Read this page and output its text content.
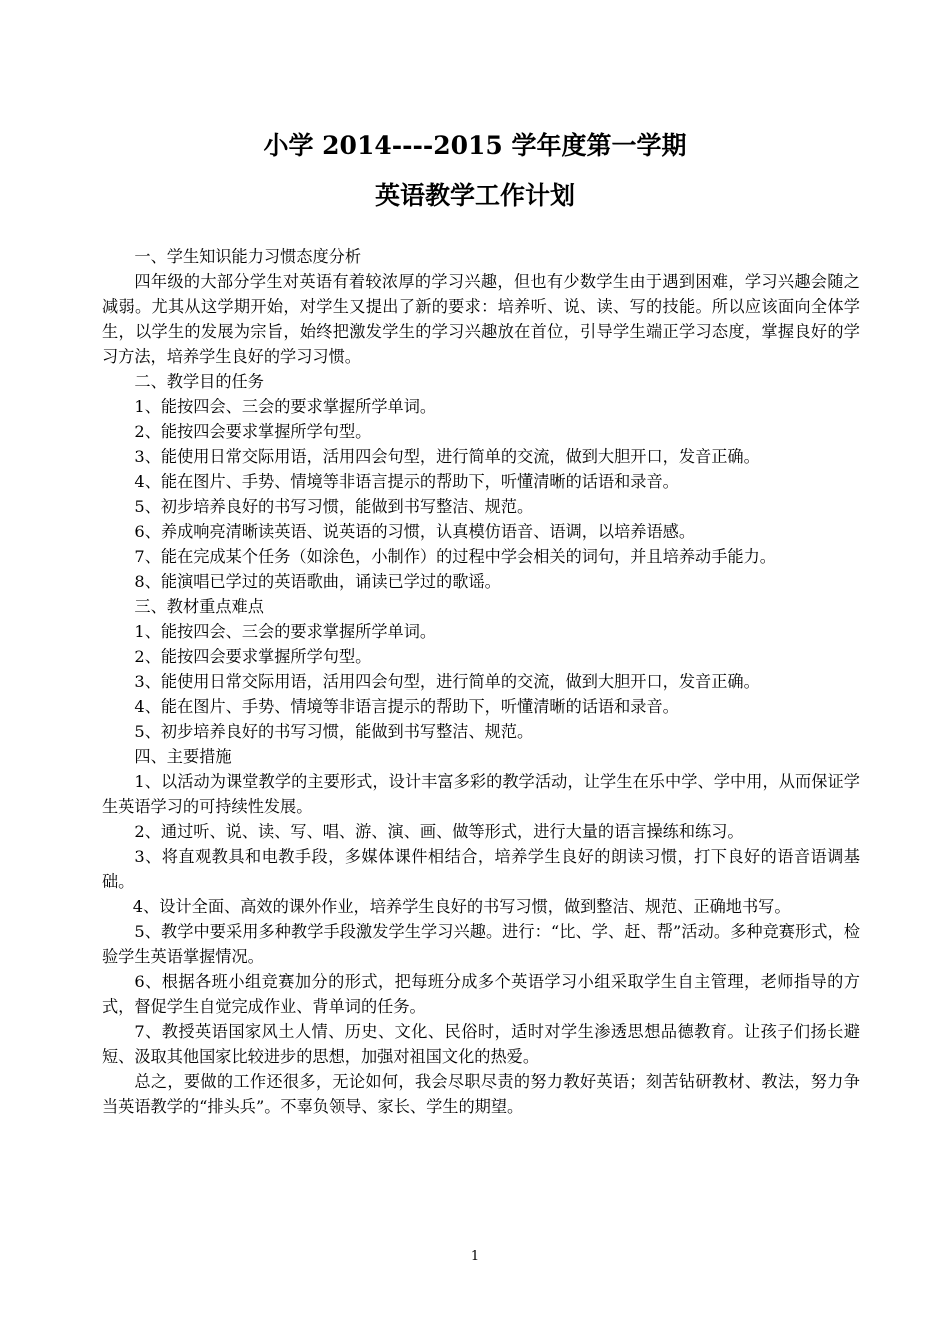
小学 2014----2015 学年度第一学期
英语教学工作计划

一、学生知识能力习惯态度分析

四年级的大部分学生对英语有着较浓厚的学习兴趣，但也有少数学生由于遇到困难，学习兴趣会随之减弱。尤其从这学期开始，对学生又提出了新的要求：培养听、说、读、写的技能。所以应该面向全体学生，以学生的发展为宗旨，始终把激发学生的学习兴趣放在首位，引导学生端正学习态度，掌握良好的学习方法，培养学生良好的学习习惯。

二、教学目的任务

1、能按四会、三会的要求掌握所学单词。

2、能按四会要求掌握所学句型。

3、能使用日常交际用语，活用四会句型，进行简单的交流，做到大胆开口，发音正确。

4、能在图片、手势、情境等非语言提示的帮助下，听懂清晰的话语和录音。

5、初步培养良好的书写习惯，能做到书写整洁、规范。

6、养成响亮清晰读英语、说英语的习惯，认真模仿语音、语调，以培养语感。

7、能在完成某个任务（如涂色，小制作）的过程中学会相关的词句，并且培养动手能力。

8、能演唱已学过的英语歌曲，诵读已学过的歌谣。

三、教材重点难点

1、能按四会、三会的要求掌握所学单词。

2、能按四会要求掌握所学句型。

3、能使用日常交际用语，活用四会句型，进行简单的交流，做到大胆开口，发音正确。

4、能在图片、手势、情境等非语言提示的帮助下，听懂清晰的话语和录音。

5、初步培养良好的书写习惯，能做到书写整洁、规范。

四、主要措施

1、以活动为课堂教学的主要形式，设计丰富多彩的教学活动，让学生在乐中学、学中用，从而保证学生英语学习的可持续性发展。

2、通过听、说、读、写、唱、游、演、画、做等形式，进行大量的语言操练和练习。

3、将直观教具和电教手段，多媒体课件相结合，培养学生良好的朗读习惯，打下良好的语音语调基础。

4、设计全面、高效的课外作业，培养学生良好的书写习惯，做到整洁、规范、正确地书写。

5、教学中要采用多种教学手段激发学生学习兴趣。进行：“比、学、赶、帮”活动。多种竞赛形式，检验学生英语掌握情况。

6、根据各班小组竞赛加分的形式，把每班分成多个英语学习小组采取学生自主管理，老师指导的方式，督促学生自觉完成作业、背单词的任务。

7、教授英语国家风土人情、历史、文化、民俗时，适时对学生渗透思想品德教育。让孩子们扬长避短、汲取其他国家比较进步的思想，加强对祖国文化的热爱。

总之，要做的工作还很多，无论如何，我会尽职尽责的努力教好英语；刻苦钻研教材、教法，努力争当英语教学的“排头兵”。不辜负领导、家长、学生的期望。

1
